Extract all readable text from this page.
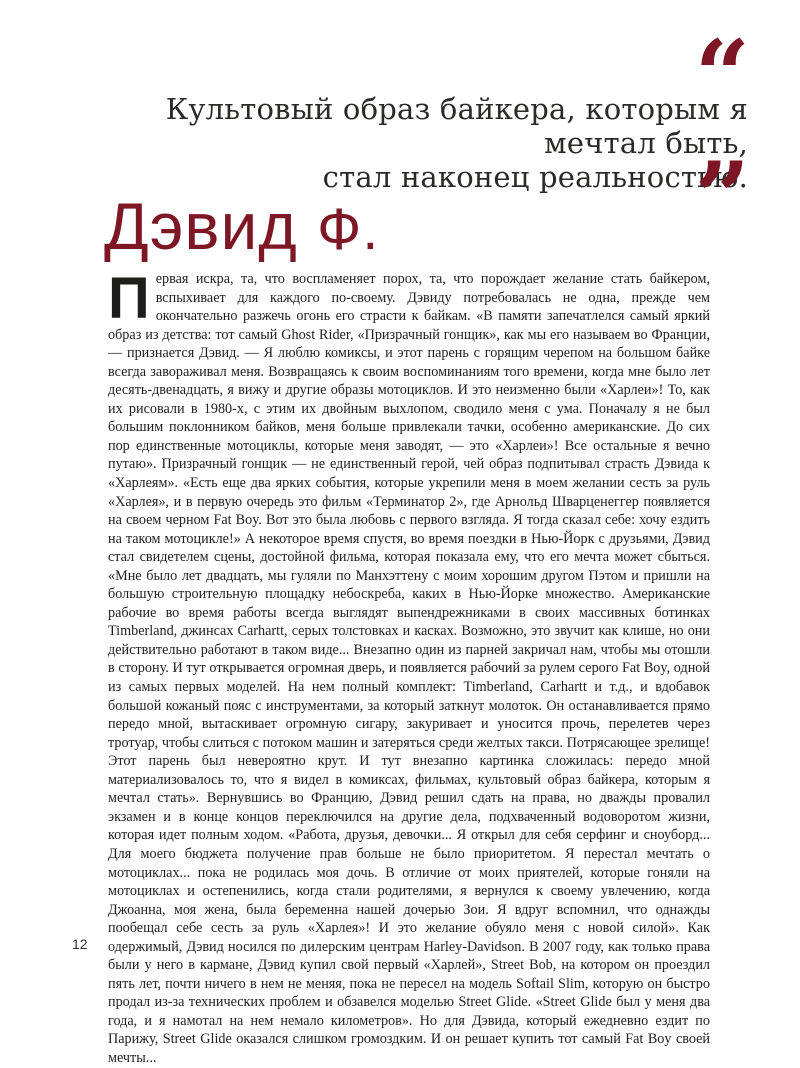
“
Культовый образ байкера, которым я мечтал быть,
стал наконец реальностью.
”
Дэвид Ф.
П ервая искра, та, что воспламеняет порох, та, что порождает желание стать байкером, вспыхивает для каждого по-своему. Дэвиду потребовалась не одна, прежде чем окончательно разжечь огонь его страсти к байкам. «В памяти запечатлелся самый яркий образ из детства: тот самый Ghost Rider, «Призрачный гонщик», как мы его называем во Франции, — признается Дэвид. — Я люблю комиксы, и этот парень с горящим черепом на большом байке всегда завораживал меня. Возвращаясь к своим воспоминаниям того времени, когда мне было лет десять-двенадцать, я вижу и другие образы мотоциклов. И это неизменно были «Харлеи»! То, как их рисовали в 1980-х, с этим их двойным выхлопом, сводило меня с ума. Поначалу я не был большим поклонником байков, меня больше привлекали тачки, особенно американские. До сих пор единственные мотоциклы, которые меня заводят, — это «Харлеи»! Все остальные я вечно путаю». Призрачный гонщик — не единственный герой, чей образ подпитывал страсть Дэвида к «Харлеям». «Есть еще два ярких события, которые укрепили меня в моем желании сесть за руль «Харлея», и в первую очередь это фильм «Терминатор 2», где Арнольд Шварценеггер появляется на своем черном Fat Boy. Вот это была любовь с первого взгляда. Я тогда сказал себе: хочу ездить на таком мотоцикле!» А некоторое время спустя, во время поездки в Нью-Йорк с друзьями, Дэвид стал свидетелем сцены, достойной фильма, которая показала ему, что его мечта может сбыться. «Мне было лет двадцать, мы гуляли по Манхэттену с моим хорошим другом Пэтом и пришли на большую строительную площадку небоскреба, каких в Нью-Йорке множество. Американские рабочие во время работы всегда выглядят выпендрежниками в своих массивных ботинках Timberland, джинсах Carhartt, серых толстовках и касках. Возможно, это звучит как клише, но они действительно работают в таком виде... Внезапно один из парней закричал нам, чтобы мы отошли в сторону. И тут открывается огромная дверь, и появляется рабочий за рулем серого Fat Boy, одной из самых первых моделей. На нем полный комплект: Timberland, Carhartt и т.д., и вдобавок большой кожаный пояс с инструментами, за который заткнут молоток. Он останавливается прямо передо мной, вытаскивает огромную сигару, закуривает и уносится прочь, перелетев через тротуар, чтобы слиться с потоком машин и затеряться среди желтых такси. Потрясающее зрелище! Этот парень был невероятно крут. И тут внезапно картинка сложилась: передо мной материализовалось то, что я видел в комиксах, фильмах, культовый образ байкера, которым я мечтал стать». Вернувшись во Францию, Дэвид решил сдать на права, но дважды провалил экзамен и в конце концов переключился на другие дела, подхваченный водоворотом жизни, которая идет полным ходом. «Работа, друзья, девочки... Я открыл для себя серфинг и сноуборд... Для моего бюджета получение прав больше не было приоритетом. Я перестал мечтать о мотоциклах... пока не родилась моя дочь. В отличие от моих приятелей, которые гоняли на мотоциклах и остепенились, когда стали родителями, я вернулся к своему увлечению, когда Джоанна, моя жена, была беременна нашей дочерью Зои. Я вдруг вспомнил, что однажды пообещал себе сесть за руль «Харлея»! И это желание обуяло меня с новой силой». Как одержимый, Дэвид носился по дилерским центрам Harley-Davidson. В 2007 году, как только права были у него в кармане, Дэвид купил свой первый «Харлей», Street Bob, на котором он проездил пять лет, почти ничего в нем не меняя, пока не пересел на модель Softail Slim, которую он быстро продал из-за технических проблем и обзавелся моделью Street Glide. «Street Glide был у меня два года, и я намотал на нем немало километров». Но для Дэвида, который ежедневно ездит по Парижу, Street Glide оказался слишком громоздким. И он решает купить тот самый Fat Boy своей мечты...
12
